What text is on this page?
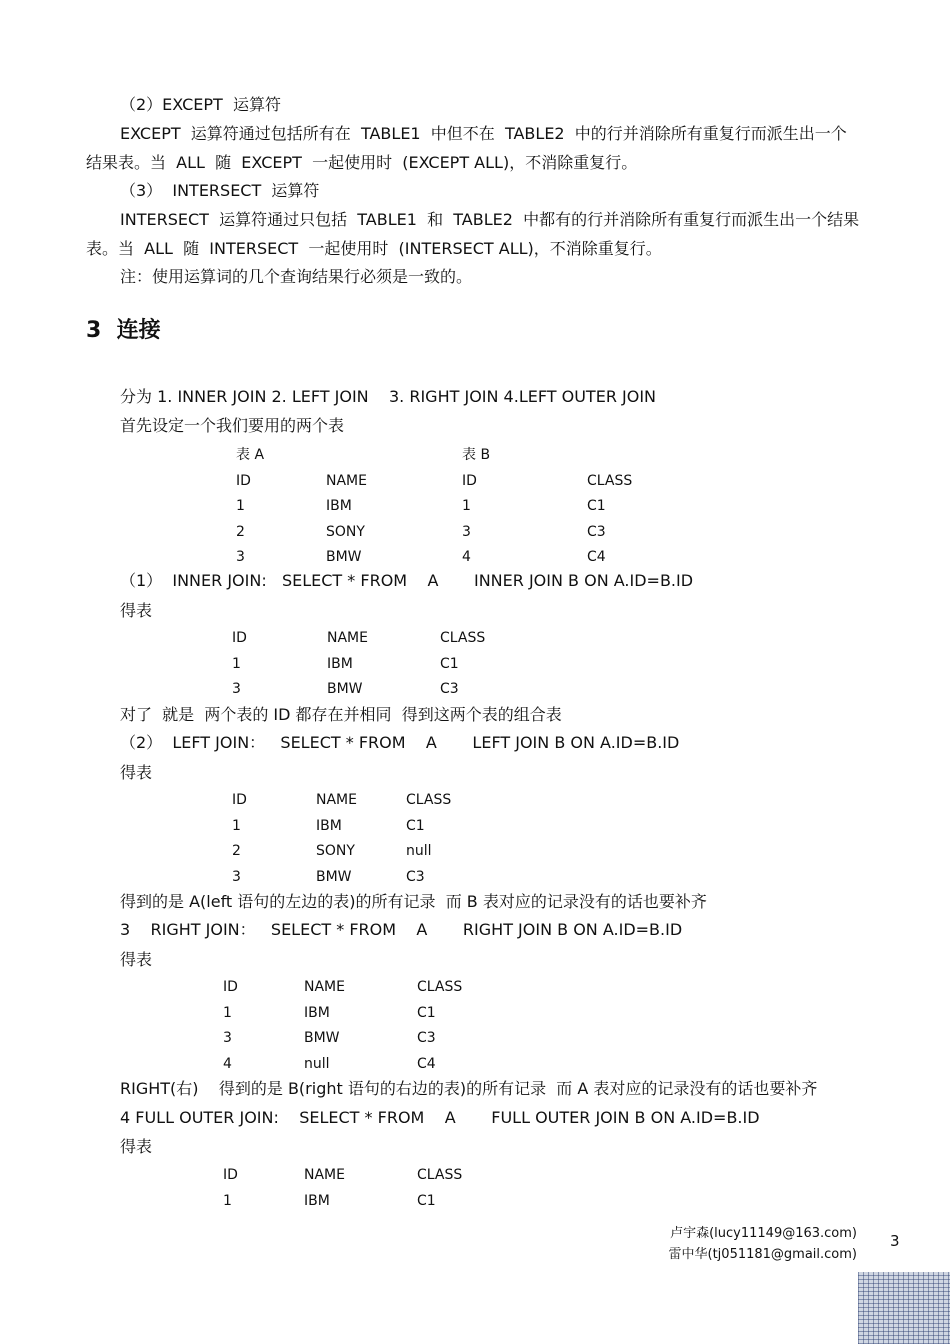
（2）EXCEPT  运算符
EXCEPT  运算符通过包括所有在  TABLE1  中但不在  TABLE2  中的行并消除所有重复行而派生出一个
结果表。当  ALL  随  EXCEPT  一起使用时  (EXCEPT ALL)，不消除重复行。
（3）  INTERSECT  运算符
INTERSECT  运算符通过只包括  TABLE1  和  TABLE2  中都有的行并消除所有重复行而派生出一个结果
表。当  ALL  随  INTERSECT  一起使用时  (INTERSECT ALL)，不消除重复行。
注：使用运算词的几个查询结果行必须是一致的。
3  连接
分为 1. INNER JOIN 2. LEFT JOIN    3. RIGHT JOIN 4.LEFT OUTER JOIN
首先设定一个我们要用的两个表
表 A	表 B
ID	NAME	ID	CLASS
1	IBM	1	C1
2	SONY	3	C3
3	BMW	4	C4
（1）  INNER JOIN:   SELECT * FROM    A       INNER JOIN B ON A.ID=B.ID
得表
ID	NAME	CLASS
1	IBM	C1
3	BMW	C3
对了  就是  两个表的 ID 都存在并相同  得到这两个表的组合表
（2）  LEFT JOIN：   SELECT * FROM    A       LEFT JOIN B ON A.ID=B.ID
得表
ID	NAME	CLASS
1	IBM	C1
2	SONY	null
3	BMW	C3
得到的是 A(left 语句的左边的表)的所有记录  而 B 表对应的记录没有的话也要补齐
3    RIGHT JOIN：   SELECT * FROM    A       RIGHT JOIN B ON A.ID=B.ID
得表
ID	NAME	CLASS
1	IBM	C1
3	BMW	C3
4	null	C4
RIGHT(右)    得到的是 B(right 语句的右边的表)的所有记录  而 A 表对应的记录没有的话也要补齐
4 FULL OUTER JOIN:    SELECT * FROM    A       FULL OUTER JOIN B ON A.ID=B.ID
得表
ID	NAME	CLASS
1	IBM	C1
卢宇森(lucy11149@163.com)
雷中华(tj051181@gmail.com)
3
